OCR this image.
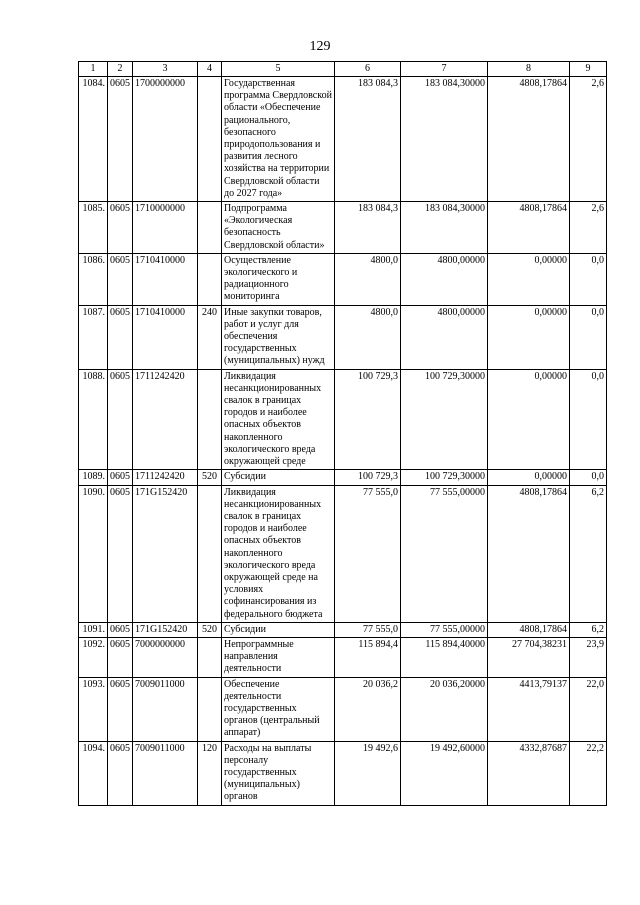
129
1	2	3	4	5	6	7	8	9
1084.	0605	1700000000		Государственная программа Свердловской области «Обеспечение рационального, безопасного природопользования и развития лесного хозяйства на территории Свердловской области до 2027 года»	183 084,3	183 084,30000	4808,17864	2,6
1085.	0605	1710000000		Подпрограмма «Экологическая безопасность Свердловской области»	183 084,3	183 084,30000	4808,17864	2,6
1086.	0605	1710410000		Осуществление экологического и радиационного мониторинга	4800,0	4800,00000	0,00000	0,0
1087.	0605	1710410000	240	Иные закупки товаров, работ и услуг для обеспечения государственных (муниципальных) нужд	4800,0	4800,00000	0,00000	0,0
1088.	0605	1711242420		Ликвидация несанкционированных свалок в границах городов и наиболее опасных объектов накопленного экологического вреда окружающей среде	100 729,3	100 729,30000	0,00000	0,0
1089.	0605	1711242420	520	Субсидии	100 729,3	100 729,30000	0,00000	0,0
1090.	0605	171G152420		Ликвидация несанкционированных свалок в границах городов и наиболее опасных объектов накопленного экологического вреда окружающей среде на условиях софинансирования из федерального бюджета	77 555,0	77 555,00000	4808,17864	6,2
1091.	0605	171G152420	520	Субсидии	77 555,0	77 555,00000	4808,17864	6,2
1092.	0605	7000000000		Непрограммные направления деятельности	115 894,4	115 894,40000	27 704,38231	23,9
1093.	0605	7009011000		Обеспечение деятельности государственных органов (центральный аппарат)	20 036,2	20 036,20000	4413,79137	22,0
1094.	0605	7009011000	120	Расходы на выплаты персоналу государственных (муниципальных) органов	19 492,6	19 492,60000	4332,87687	22,2
